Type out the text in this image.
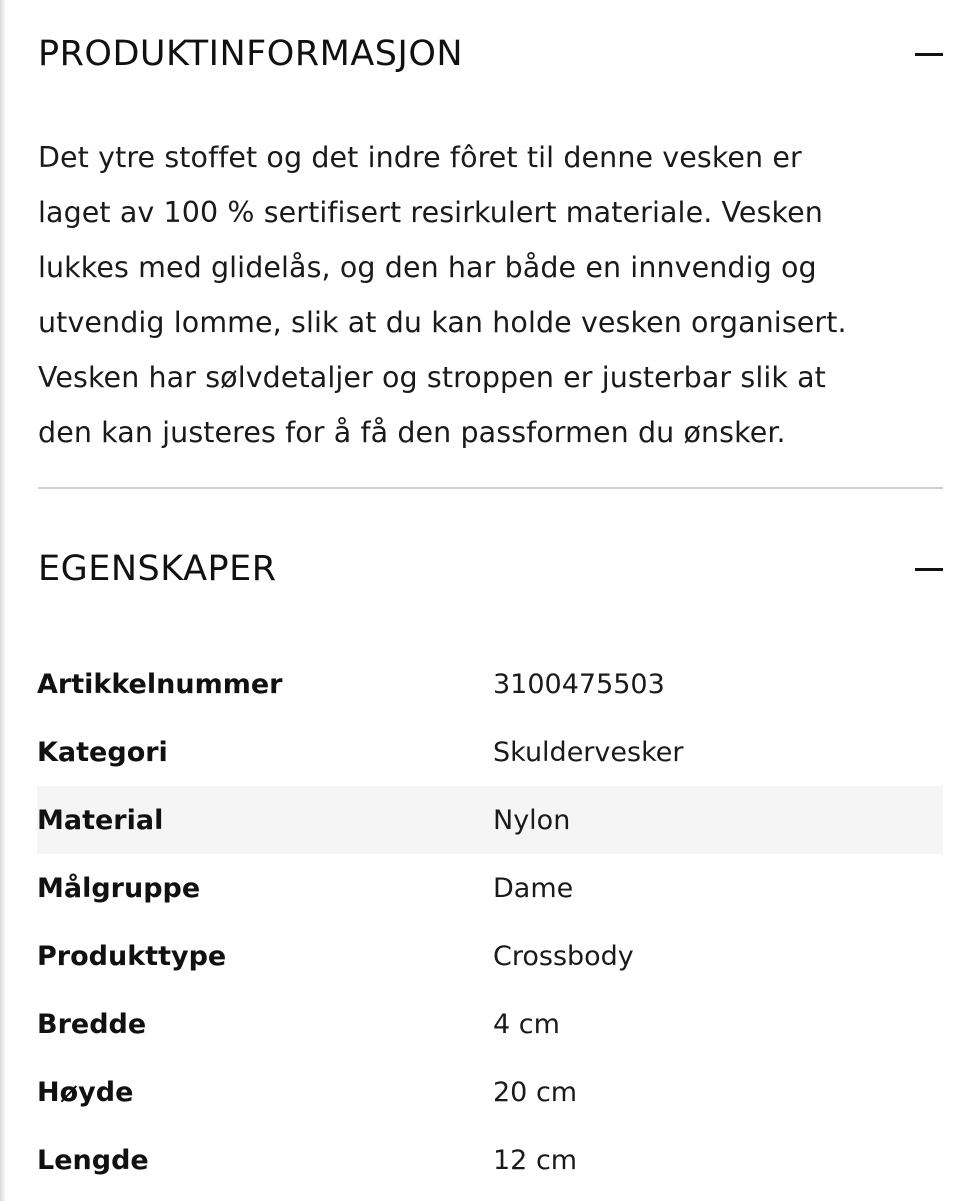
PRODUKTINFORMASJON
Det ytre stoffet og det indre fôret til denne vesken er
laget av 100 % sertifisert resirkulert materiale. Vesken
lukkes med glidelås, og den har både en innvendig og
utvendig lomme, slik at du kan holde vesken organisert.
Vesken har sølvdetaljer og stroppen er justerbar slik at
den kan justeres for å få den passformen du ønsker.
EGENSKAPER
Artikkelnummer	3100475503
Kategori	Skuldervesker
Material	Nylon
Målgruppe	Dame
Produkttype	Crossbody
Bredde	4 cm
Høyde	20 cm
Lengde	12 cm
